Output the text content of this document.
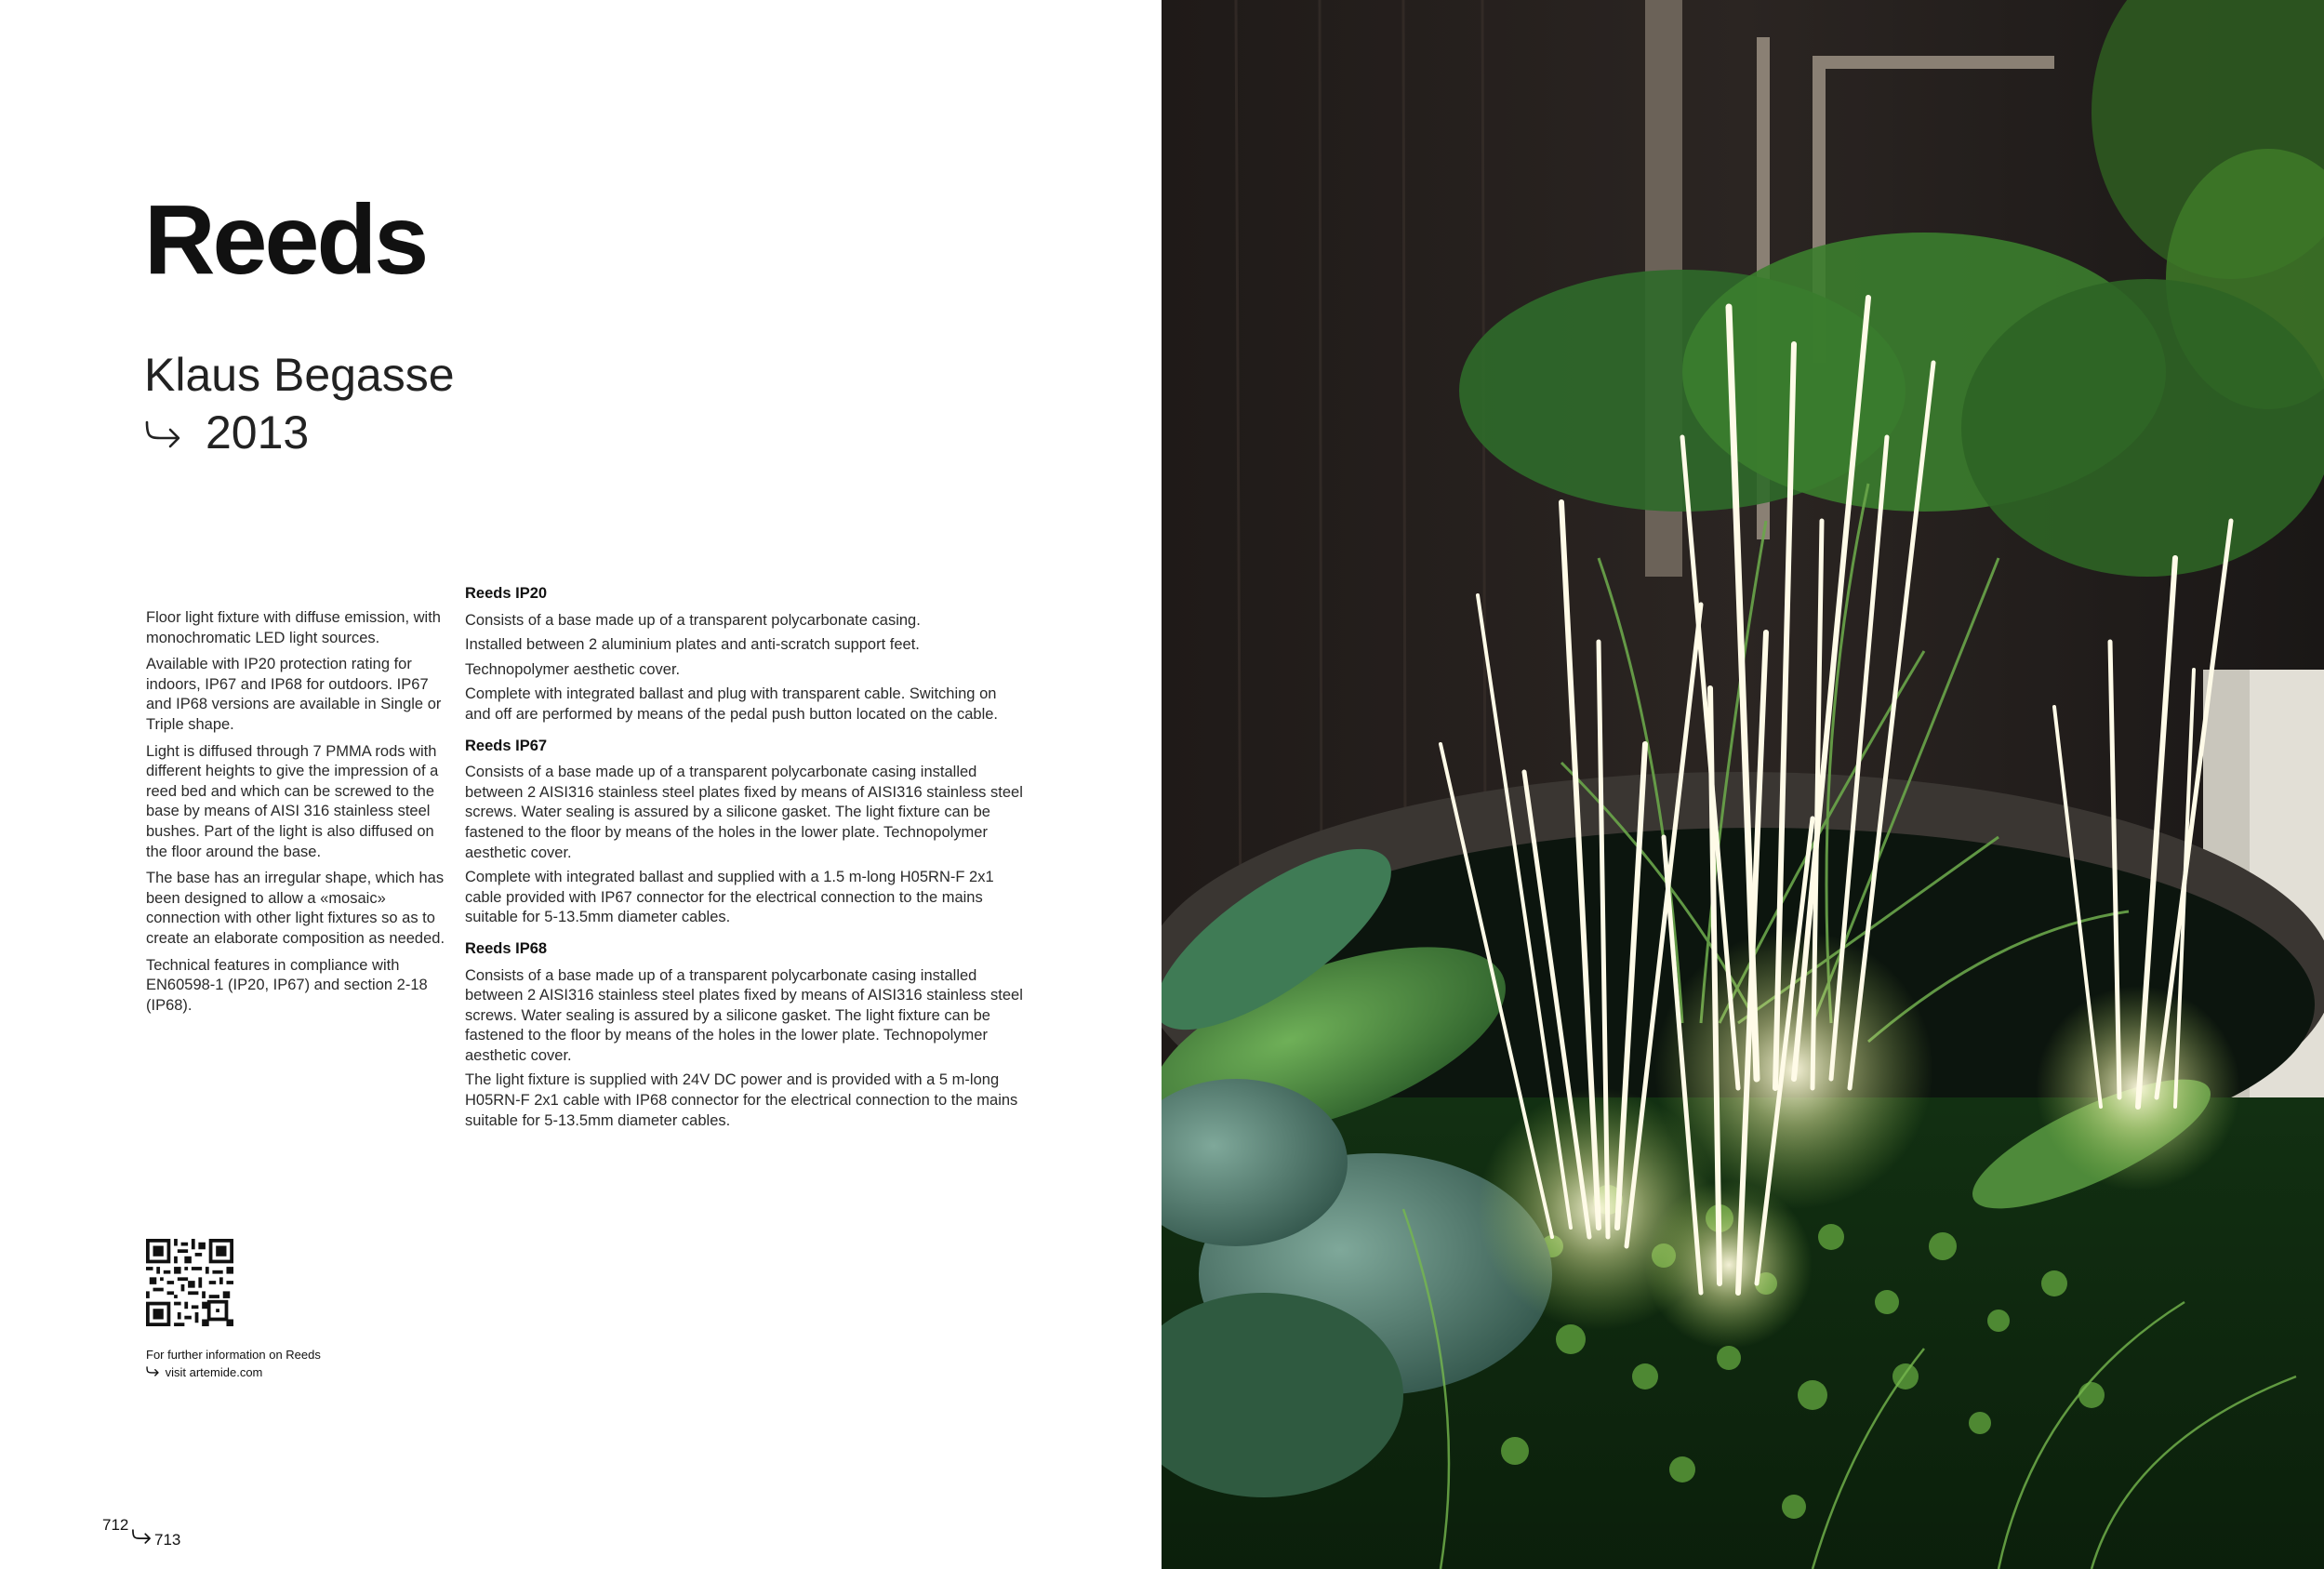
Reeds
Klaus Begasse
2013

Floor light fixture with diffuse emission, with monochromatic LED light sources.

Available with IP20 protection rating for indoors, IP67 and IP68 for outdoors. IP67 and IP68 versions are available in Single or Triple shape.

Light is diffused through 7 PMMA rods with different heights to give the impression of a reed bed and which can be screwed to the base by means of AISI 316 stainless steel bushes. Part of the light is also diffused on the floor around the base.

The base has an irregular shape, which has been designed to allow a «mosaic» connection with other light fixtures so as to create an elaborate composition as needed.

Technical features in compliance with EN60598-1 (IP20, IP67) and section 2-18 (IP68).

Reeds IP20

Consists of a base made up of a transparent polycarbonate casing.

Installed between 2 aluminium plates and anti-scratch support feet.

Technopolymer aesthetic cover.

Complete with integrated ballast and plug with transparent cable. Switching on and off are performed by means of the pedal push button located on the cable.

Reeds IP67

Consists of a base made up of a transparent polycarbonate casing installed between 2 AISI316 stainless steel plates fixed by means of AISI316 stainless steel screws. Water sealing is assured by a silicone gasket. The light fixture can be fastened to the floor by means of the holes in the lower plate. Technopolymer aesthetic cover.

Complete with integrated ballast and supplied with a 1.5 m-long H05RN-F 2x1 cable provided with IP67 connector for the electrical connection to the mains suitable for 5-13.5mm diameter cables.

Reeds IP68

Consists of a base made up of a transparent polycarbonate casing installed between 2 AISI316 stainless steel plates fixed by means of AISI316 stainless steel screws. Water sealing is assured by a silicone gasket. The light fixture can be fastened to the floor by means of the holes in the lower plate. Technopolymer aesthetic cover.

The light fixture is supplied with 24V DC power and is provided with a 5 m-long H05RN-F 2x1 cable with IP68 connector for the electrical connection to the mains suitable for 5-13.5mm diameter cables.

For further information on Reeds
visit artemide.com
712
713
